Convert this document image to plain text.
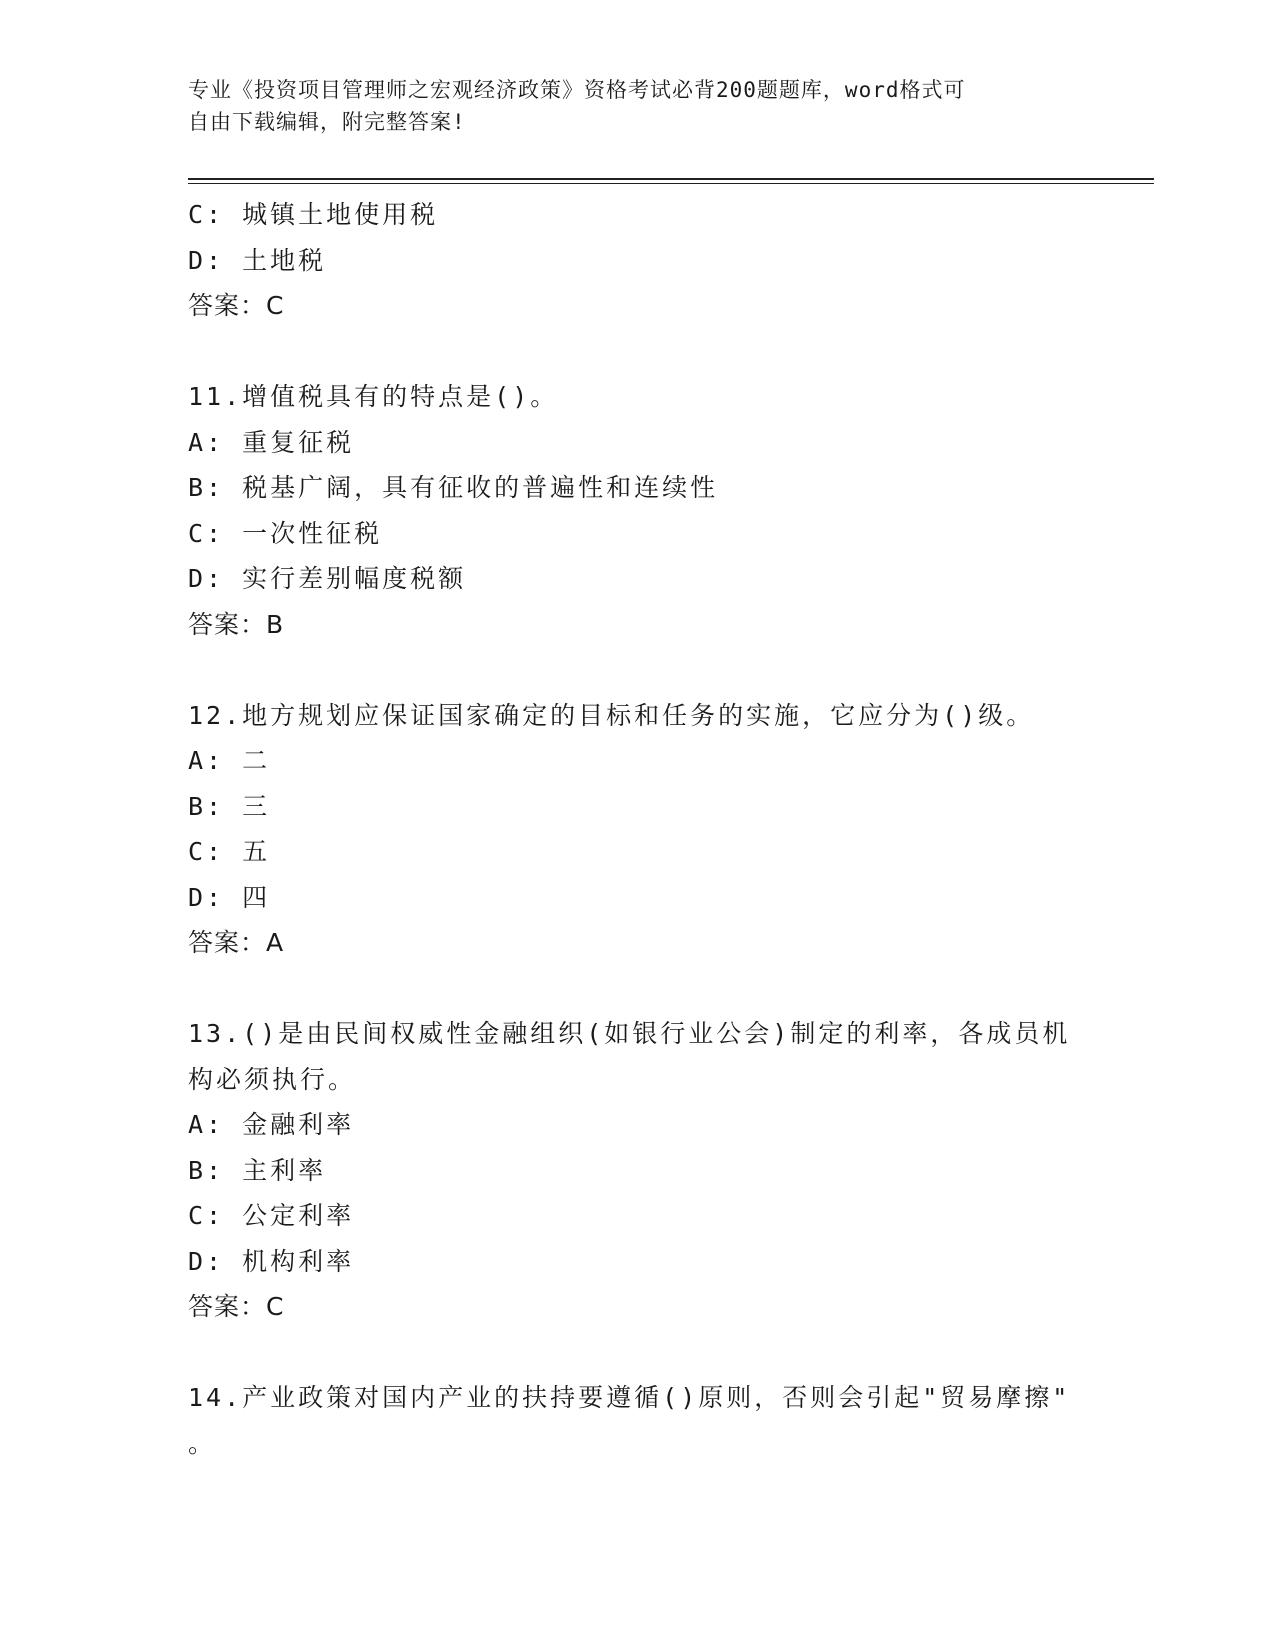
专业《投资项目管理师之宏观经济政策》资格考试必背200题题库，word格式可
自由下载编辑，附完整答案!
C: 城镇土地使用税
D: 土地税
答案：C
11.增值税具有的特点是()。
A: 重复征税
B: 税基广阔，具有征收的普遍性和连续性
C: 一次性征税
D: 实行差别幅度税额
答案：B
12.地方规划应保证国家确定的目标和任务的实施，它应分为()级。
A: 二
B: 三
C: 五
D: 四
答案：A
13.()是由民间权威性金融组织(如银行业公会)制定的利率，各成员机
构必须执行。
A: 金融利率
B: 主利率
C: 公定利率
D: 机构利率
答案：C
14.产业政策对国内产业的扶持要遵循()原则，否则会引起"贸易摩擦"
。
